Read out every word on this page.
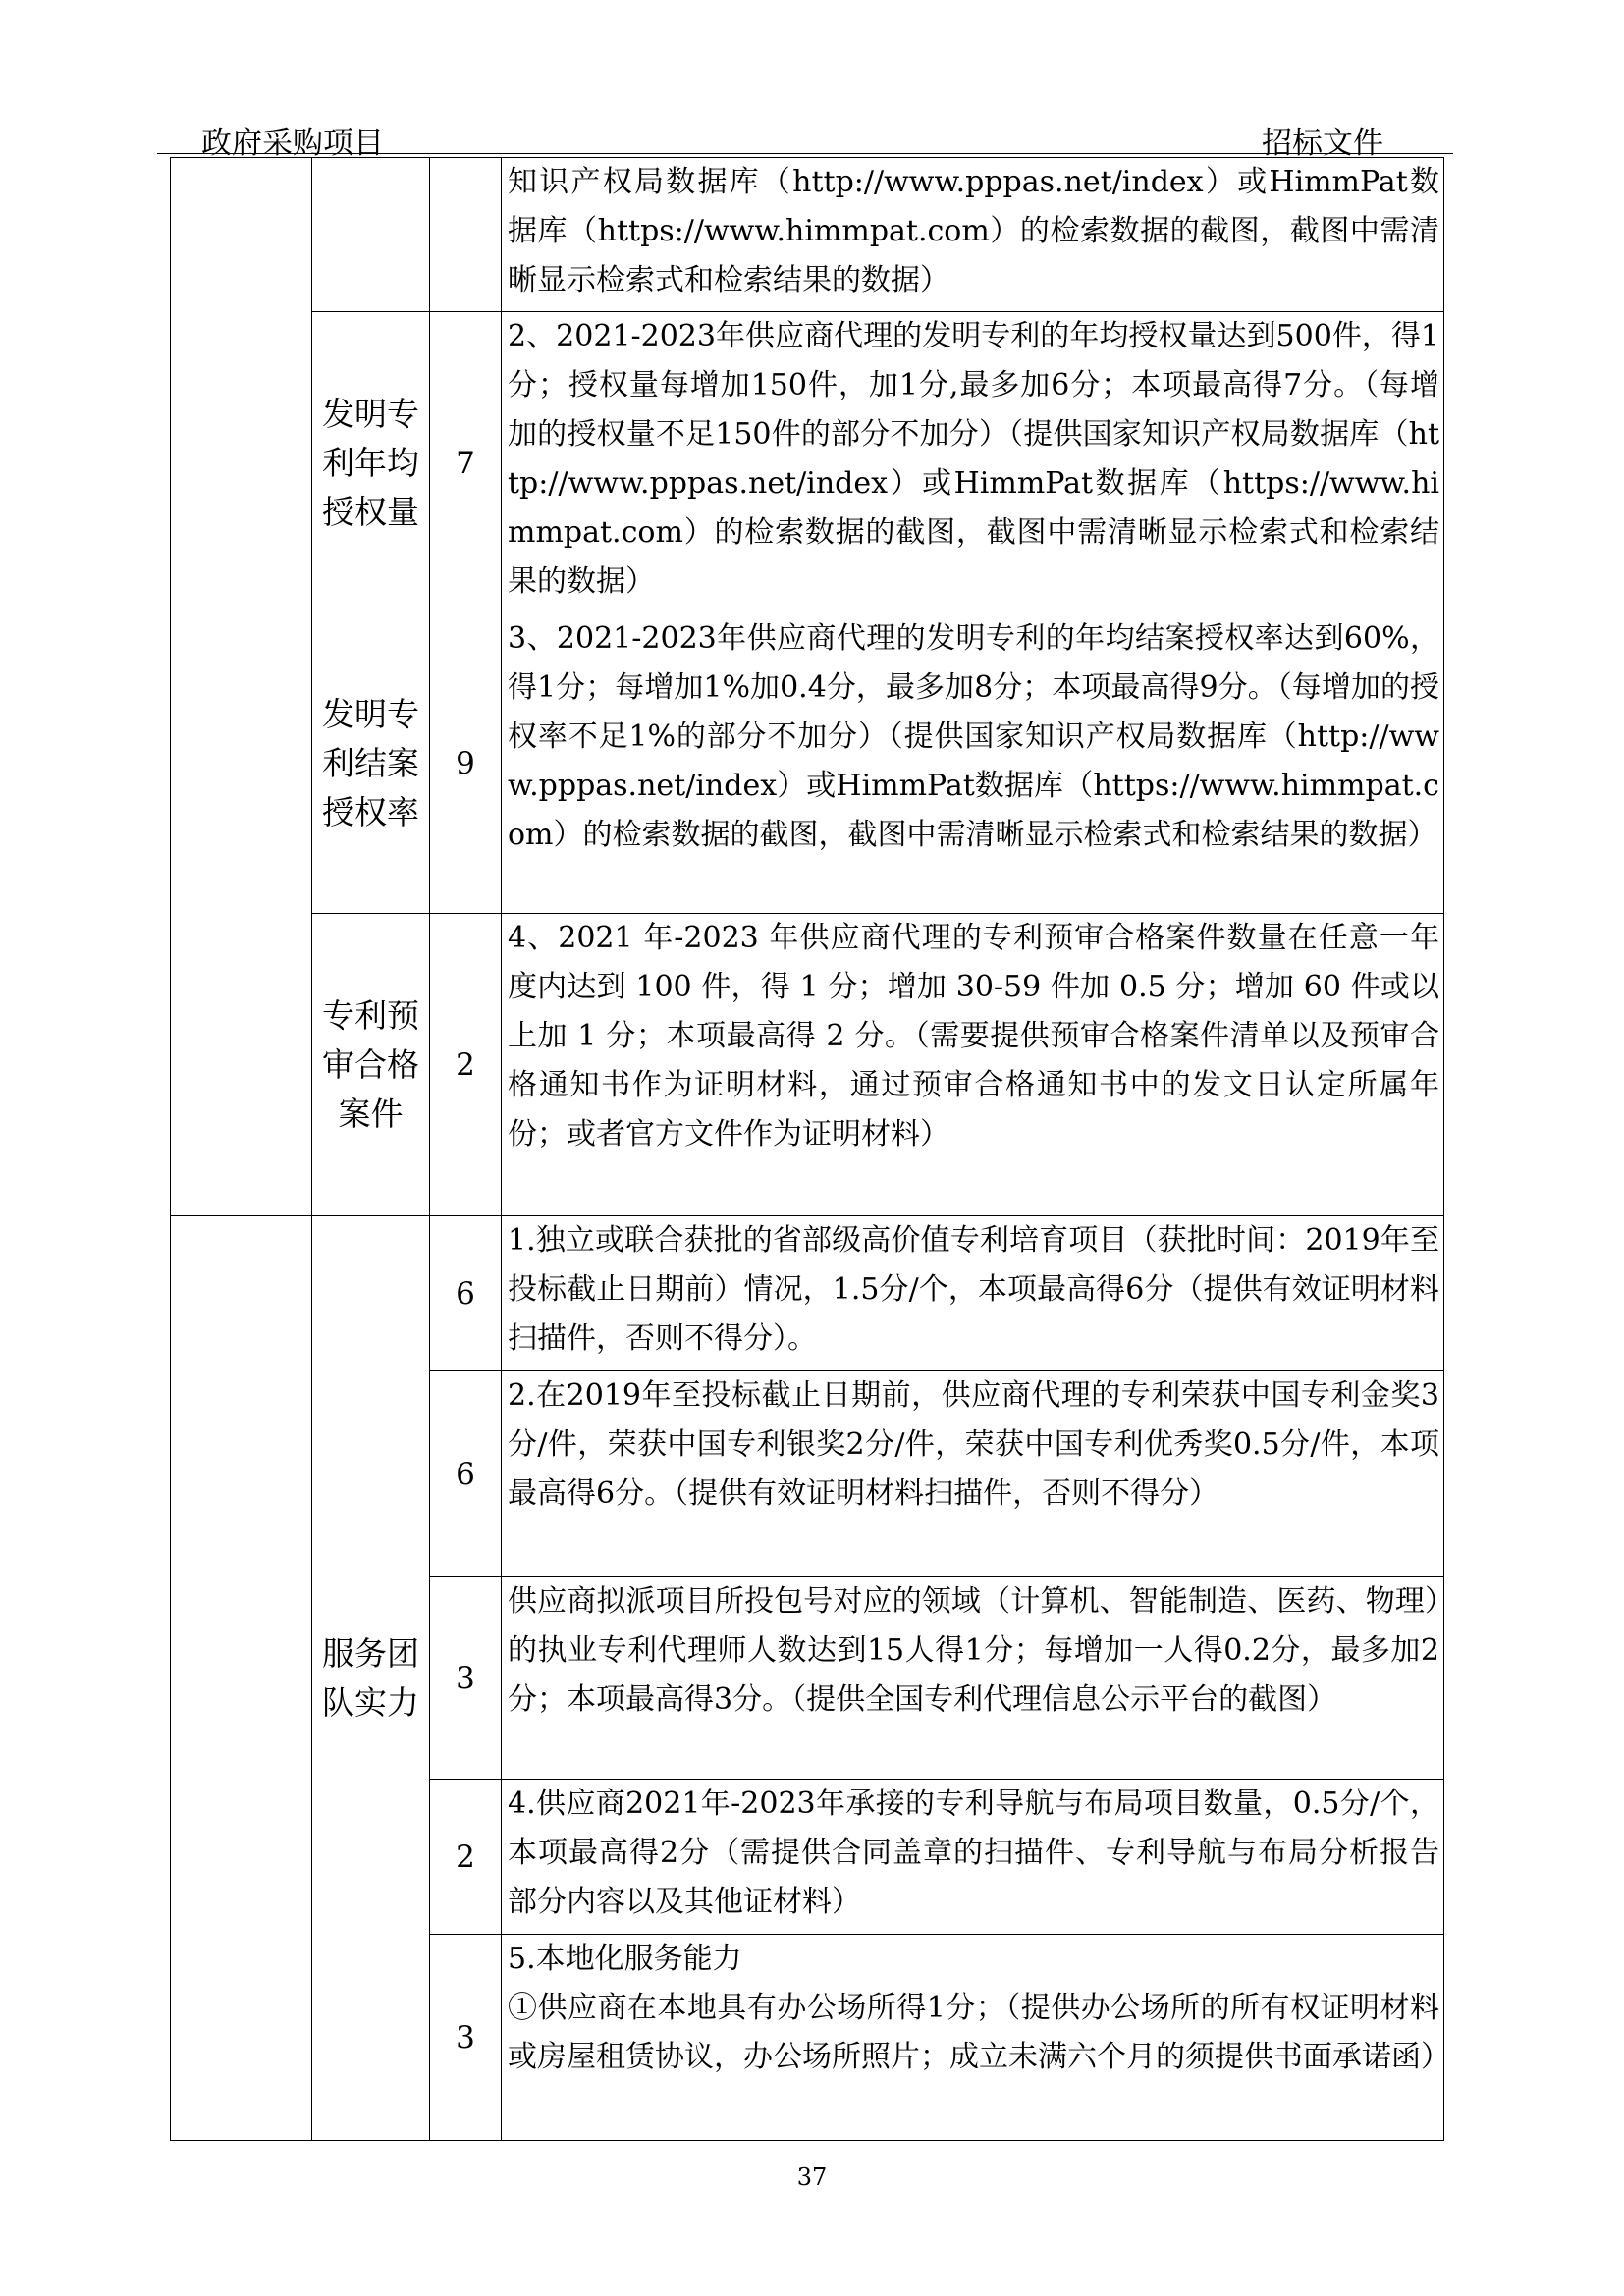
政府采购项目	招标文件
			知识产权局数据库（http://www.pppas.net/index）或HimmPat数据库（https://www.himmpat.com）的检索数据的截图，截图中需清晰显示检索式和检索结果的数据）
	发明专利年均授权量	7	2、2021-2023年供应商代理的发明专利的年均授权量达到500件，得1分；授权量每增加150件，加1分,最多加6分；本项最高得7分。（每增加的授权量不足150件的部分不加分）（提供国家知识产权局数据库（http://www.pppas.net/index）或HimmPat数据库（https://www.himmpat.com）的检索数据的截图，截图中需清晰显示检索式和检索结果的数据）
	发明专利结案授权率	9	3、2021-2023年供应商代理的发明专利的年均结案授权率达到60%，得1分；每增加1%加0.4分，最多加8分；本项最高得9分。（每增加的授权率不足1%的部分不加分）（提供国家知识产权局数据库（http://www.pppas.net/index）或HimmPat数据库（https://www.himmpat.com）的检索数据的截图，截图中需清晰显示检索式和检索结果的数据）
	专利预审合格案件	2	4、2021 年-2023 年供应商代理的专利预审合格案件数量在任意一年度内达到 100 件，得 1 分；增加 30-59 件加 0.5 分；增加 60 件或以上加 1 分；本项最高得 2 分。（需要提供预审合格案件清单以及预审合格通知书作为证明材料，通过预审合格通知书中的发文日认定所属年份；或者官方文件作为证明材料）
	服务团队实力	6	1.独立或联合获批的省部级高价值专利培育项目（获批时间：2019年至投标截止日期前）情况，1.5分/个，本项最高得6分（提供有效证明材料扫描件，否则不得分）。
		6	2.在2019年至投标截止日期前，供应商代理的专利荣获中国专利金奖3分/件，荣获中国专利银奖2分/件，荣获中国专利优秀奖0.5分/件，本项最高得6分。（提供有效证明材料扫描件，否则不得分）
		3	供应商拟派项目所投包号对应的领域（计算机、智能制造、医药、物理）的执业专利代理师人数达到15人得1分；每增加一人得0.2分，最多加2分；本项最高得3分。（提供全国专利代理信息公示平台的截图）
		2	4.供应商2021年-2023年承接的专利导航与布局项目数量，0.5分/个，本项最高得2分（需提供合同盖章的扫描件、专利导航与布局分析报告部分内容以及其他证材料）
		3	5.本地化服务能力
①供应商在本地具有办公场所得1分；（提供办公场所的所有权证明材料或房屋租赁协议，办公场所照片；成立未满六个月的须提供书面承诺函）
37
